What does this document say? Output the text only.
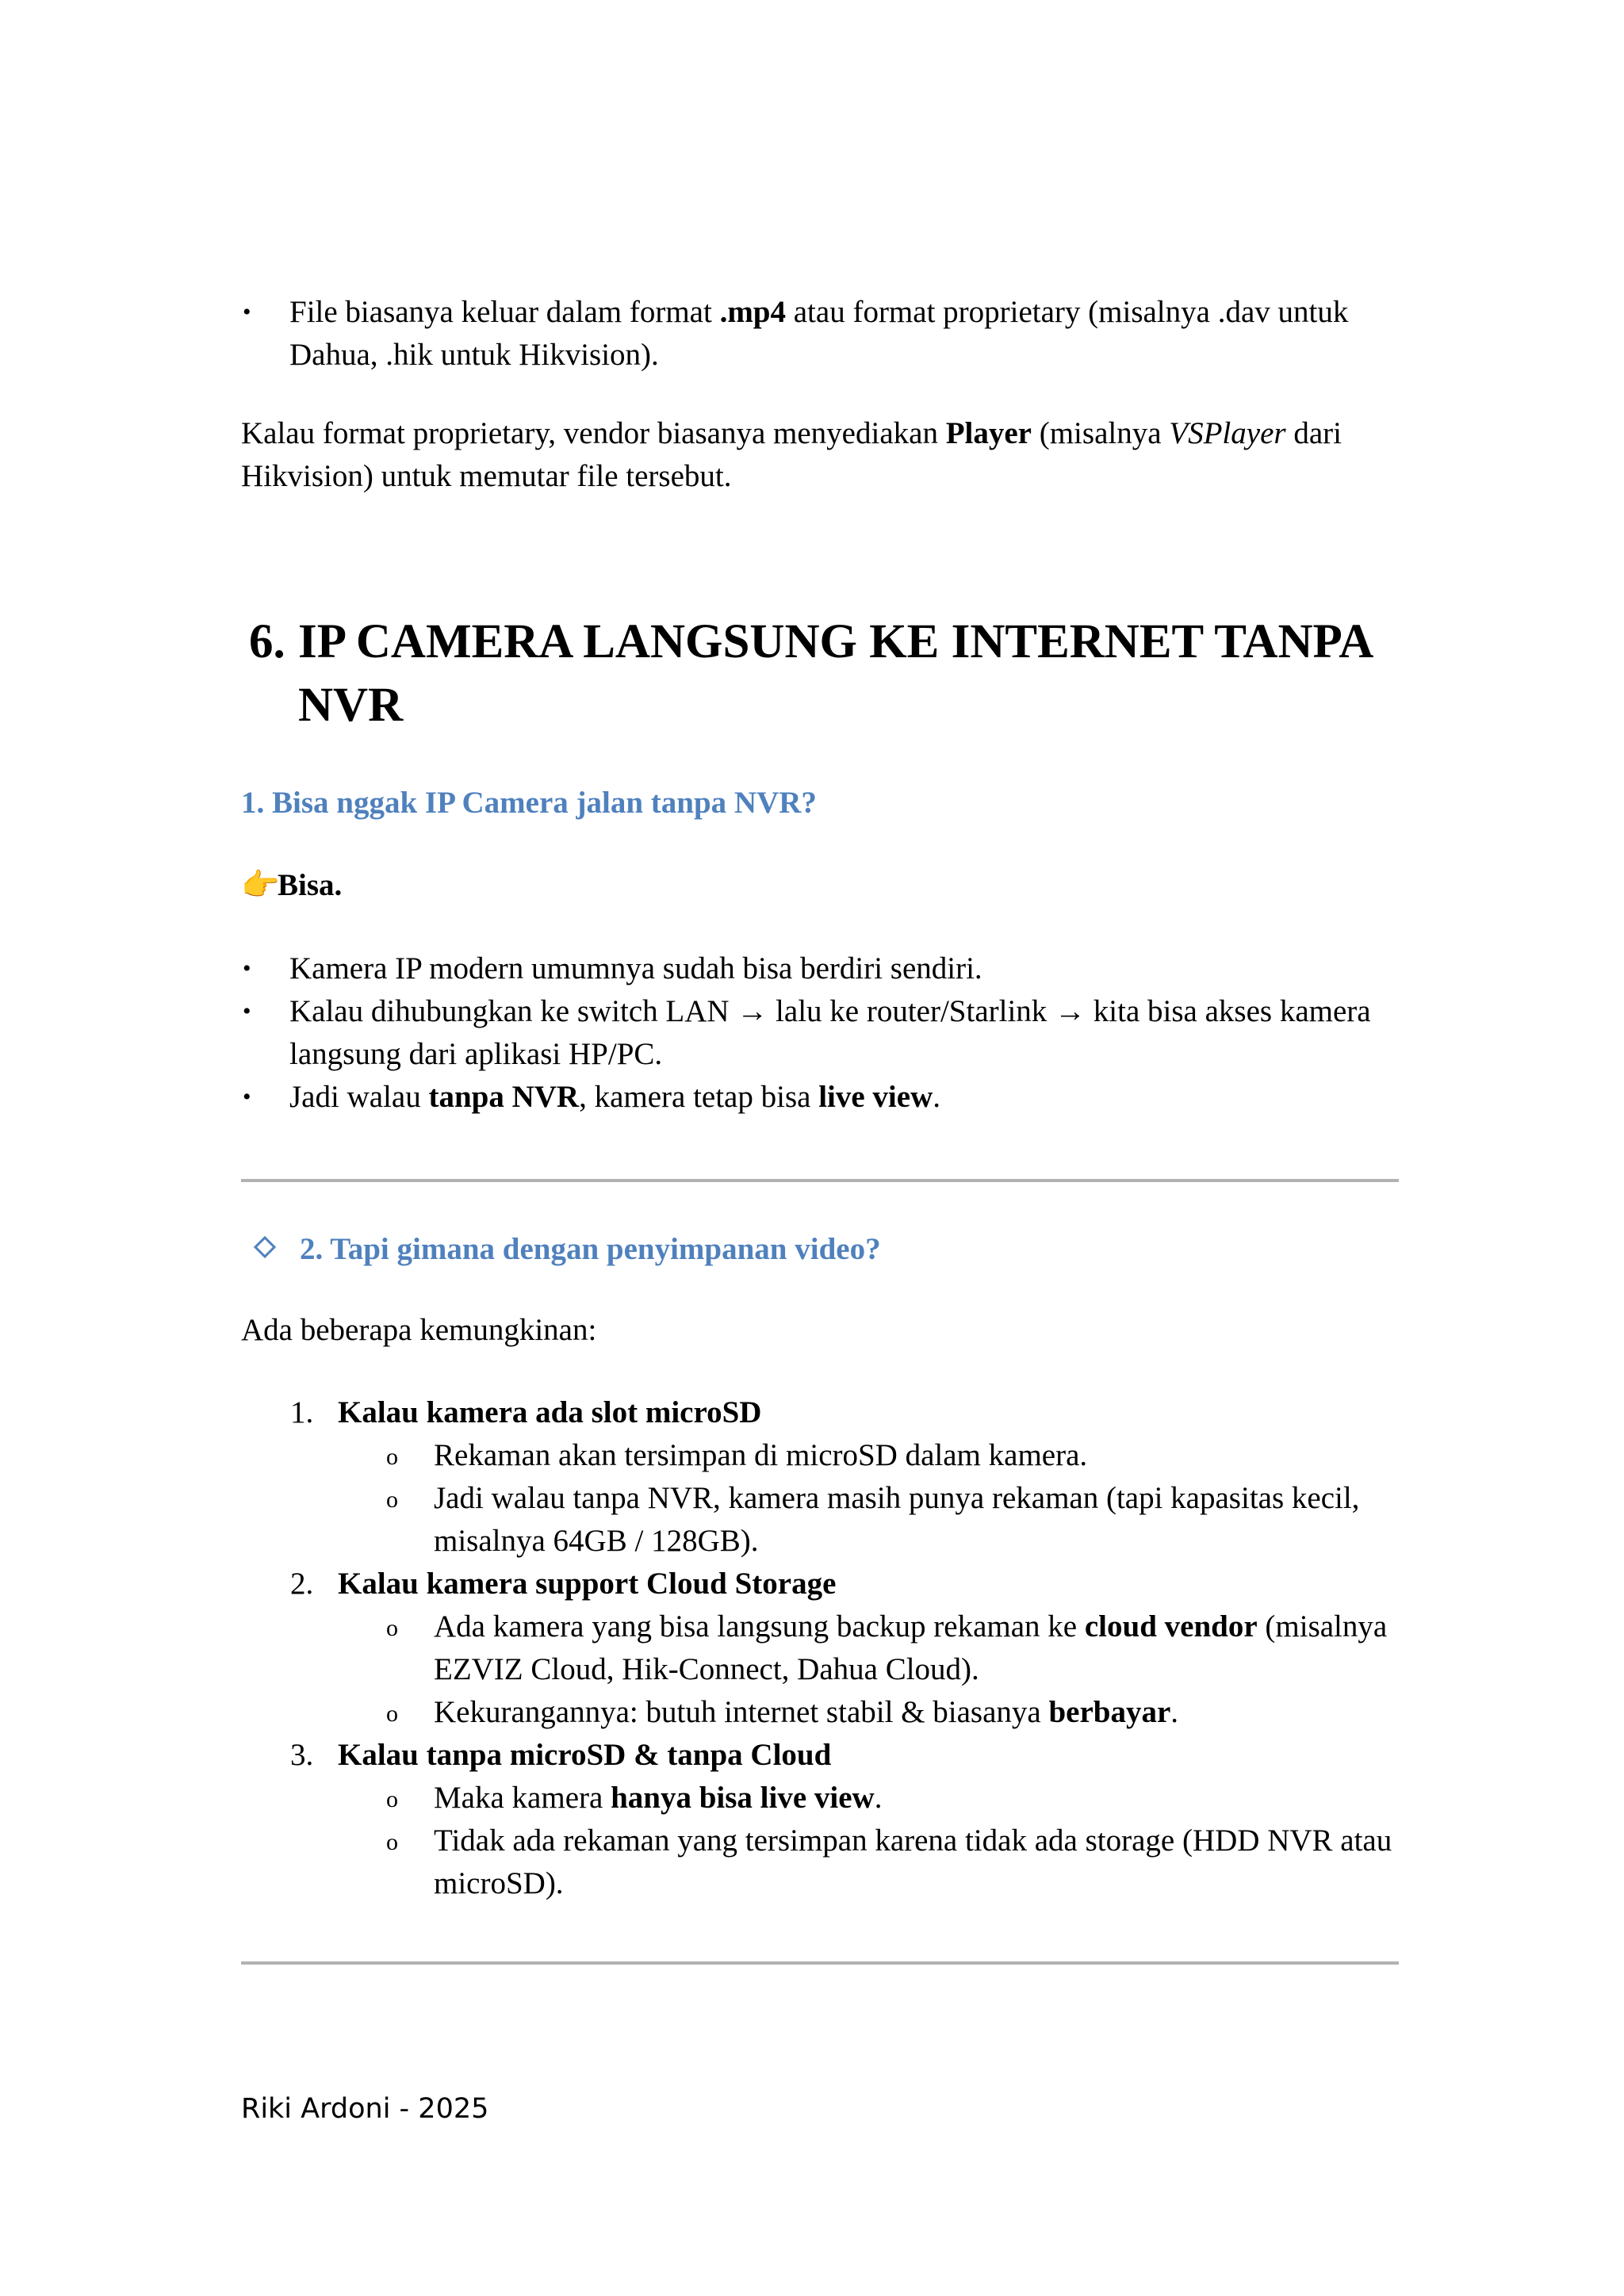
• File biasanya keluar dalam format .mp4 atau format proprietary (misalnya .dav untuk Dahua, .hik untuk Hikvision).

Kalau format proprietary, vendor biasanya menyediakan Player (misalnya VSPlayer dari Hikvision) untuk memutar file tersebut.

6. IP CAMERA LANGSUNG KE INTERNET TANPA NVR
1. Bisa nggak IP Camera jalan tanpa NVR?

👉Bisa.

• Kamera IP modern umumnya sudah bisa berdiri sendiri.
• Kalau dihubungkan ke switch LAN → lalu ke router/Starlink → kita bisa akses kamera langsung dari aplikasi HP/PC.
• Jadi walau tanpa NVR, kamera tetap bisa live view.
2. Tapi gimana dengan penyimpanan video?

Ada beberapa kemungkinan:

1. Kalau kamera ada slot microSD
o Rekaman akan tersimpan di microSD dalam kamera.
o Jadi walau tanpa NVR, kamera masih punya rekaman (tapi kapasitas kecil, misalnya 64GB / 128GB).
2. Kalau kamera support Cloud Storage
o Ada kamera yang bisa langsung backup rekaman ke cloud vendor (misalnya EZVIZ Cloud, Hik-Connect, Dahua Cloud).
o Kekurangannya: butuh internet stabil & biasanya berbayar.
3. Kalau tanpa microSD & tanpa Cloud
o Maka kamera hanya bisa live view.
o Tidak ada rekaman yang tersimpan karena tidak ada storage (HDD NVR atau microSD).
Riki Ardoni - 2025
